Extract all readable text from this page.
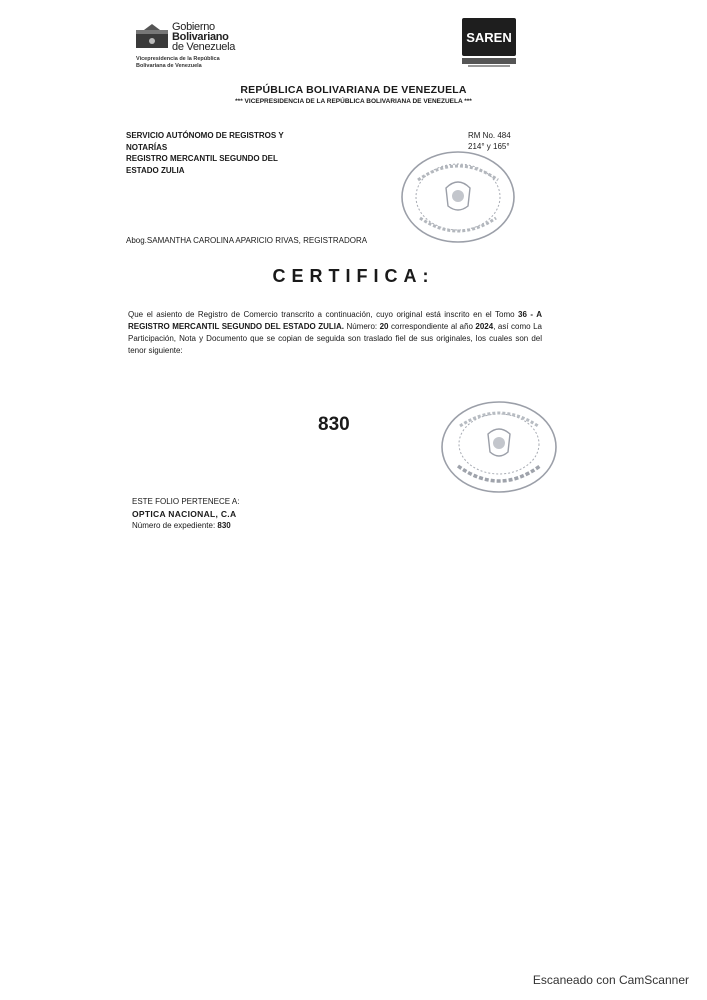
Gobierno
Bolivariano
de Venezuela
Vicepresidencia de la República
Bolivariana de Venezuela
SAREN
REPÚBLICA BOLIVARIANA DE VENEZUELA
*** VICEPRESIDENCIA DE LA REPÚBLICA BOLIVARIANA DE VENEZUELA ***
SERVICIO AUTÓNOMO DE REGISTROS Y
NOTARÍAS
REGISTRO MERCANTIL SEGUNDO DEL
ESTADO ZULIA
RM No. 484
214° y 165°
Abog.SAMANTHA CAROLINA APARICIO RIVAS, REGISTRADORA
CERTIFICA:
Que el asiento de Registro de Comercio transcrito a continuación, cuyo original está inscrito en el Tomo 36 - A REGISTRO MERCANTIL SEGUNDO DEL ESTADO ZULIA. Número: 20 correspondiente al año 2024, así como La Participación, Nota y Documento que se copian de seguida son traslado fiel de sus originales, los cuales son del tenor siguiente:
830
ESTE FOLIO PERTENECE A:
OPTICA NACIONAL, C.A
Número de expediente: 830
Escaneado con CamScanner
